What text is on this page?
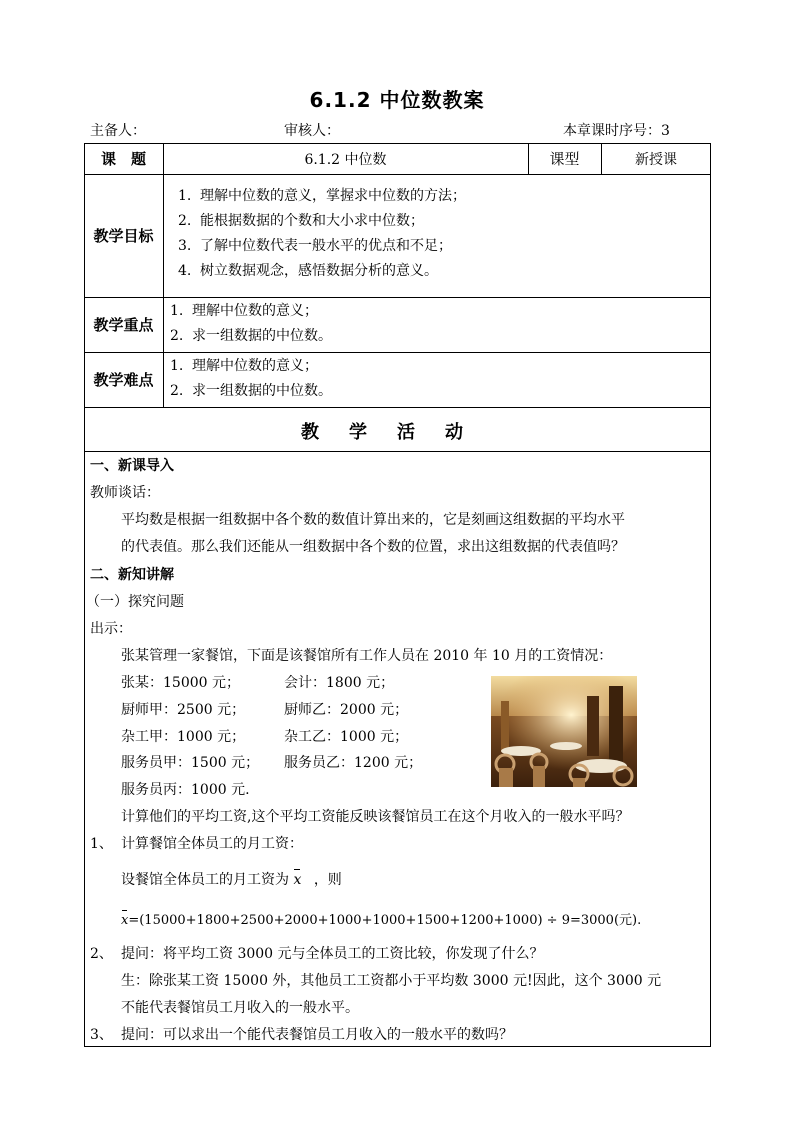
6.1.2 中位数教案
主备人：	审核人：	本章课时序号：3
课　题	6.1.2 中位数	课型	新授课
教学目标
1. 理解中位数的意义，掌握求中位数的方法；
2. 能根据数据的个数和大小求中位数；
3. 了解中位数代表一般水平的优点和不足；
4. 树立数据观念，感悟数据分析的意义。
教学重点
1. 理解中位数的意义；
2. 求一组数据的中位数。
教学难点
1. 理解中位数的意义；
2. 求一组数据的中位数。
教学活动
一、新课导入
教师谈话：
平均数是根据一组数据中各个数的数值计算出来的，它是刻画这组数据的平均水平
的代表值。那么我们还能从一组数据中各个数的位置，求出这组数据的代表值吗？
二、新知讲解
（一）探究问题
出示：
张某管理一家餐馆，下面是该餐馆所有工作人员在 2010 年 10 月的工资情况：
张某：15000 元；	会计：1800 元；
厨师甲：2500 元；	厨师乙：2000 元；
杂工甲：1000 元；	杂工乙：1000 元；
服务员甲：1500 元； 服务员乙：1200 元；
服务员丙：1000 元.
计算他们的平均工资,这个平均工资能反映该餐馆员工在这个月收入的一般水平吗？
1、 计算餐馆全体员工的月工资：
设餐馆全体员工的月工资为 x ，则
x=(15000+1800+2500+2000+1000+1000+1500+1200+1000) ÷ 9=3000(元).
2、 提问：将平均工资 3000 元与全体员工的工资比较，你发现了什么？
生：除张某工资 15000 外，其他员工工资都小于平均数 3000 元!因此，这个 3000 元
不能代表餐馆员工月收入的一般水平。
3、 提问：可以求出一个能代表餐馆员工月收入的一般水平的数吗？
